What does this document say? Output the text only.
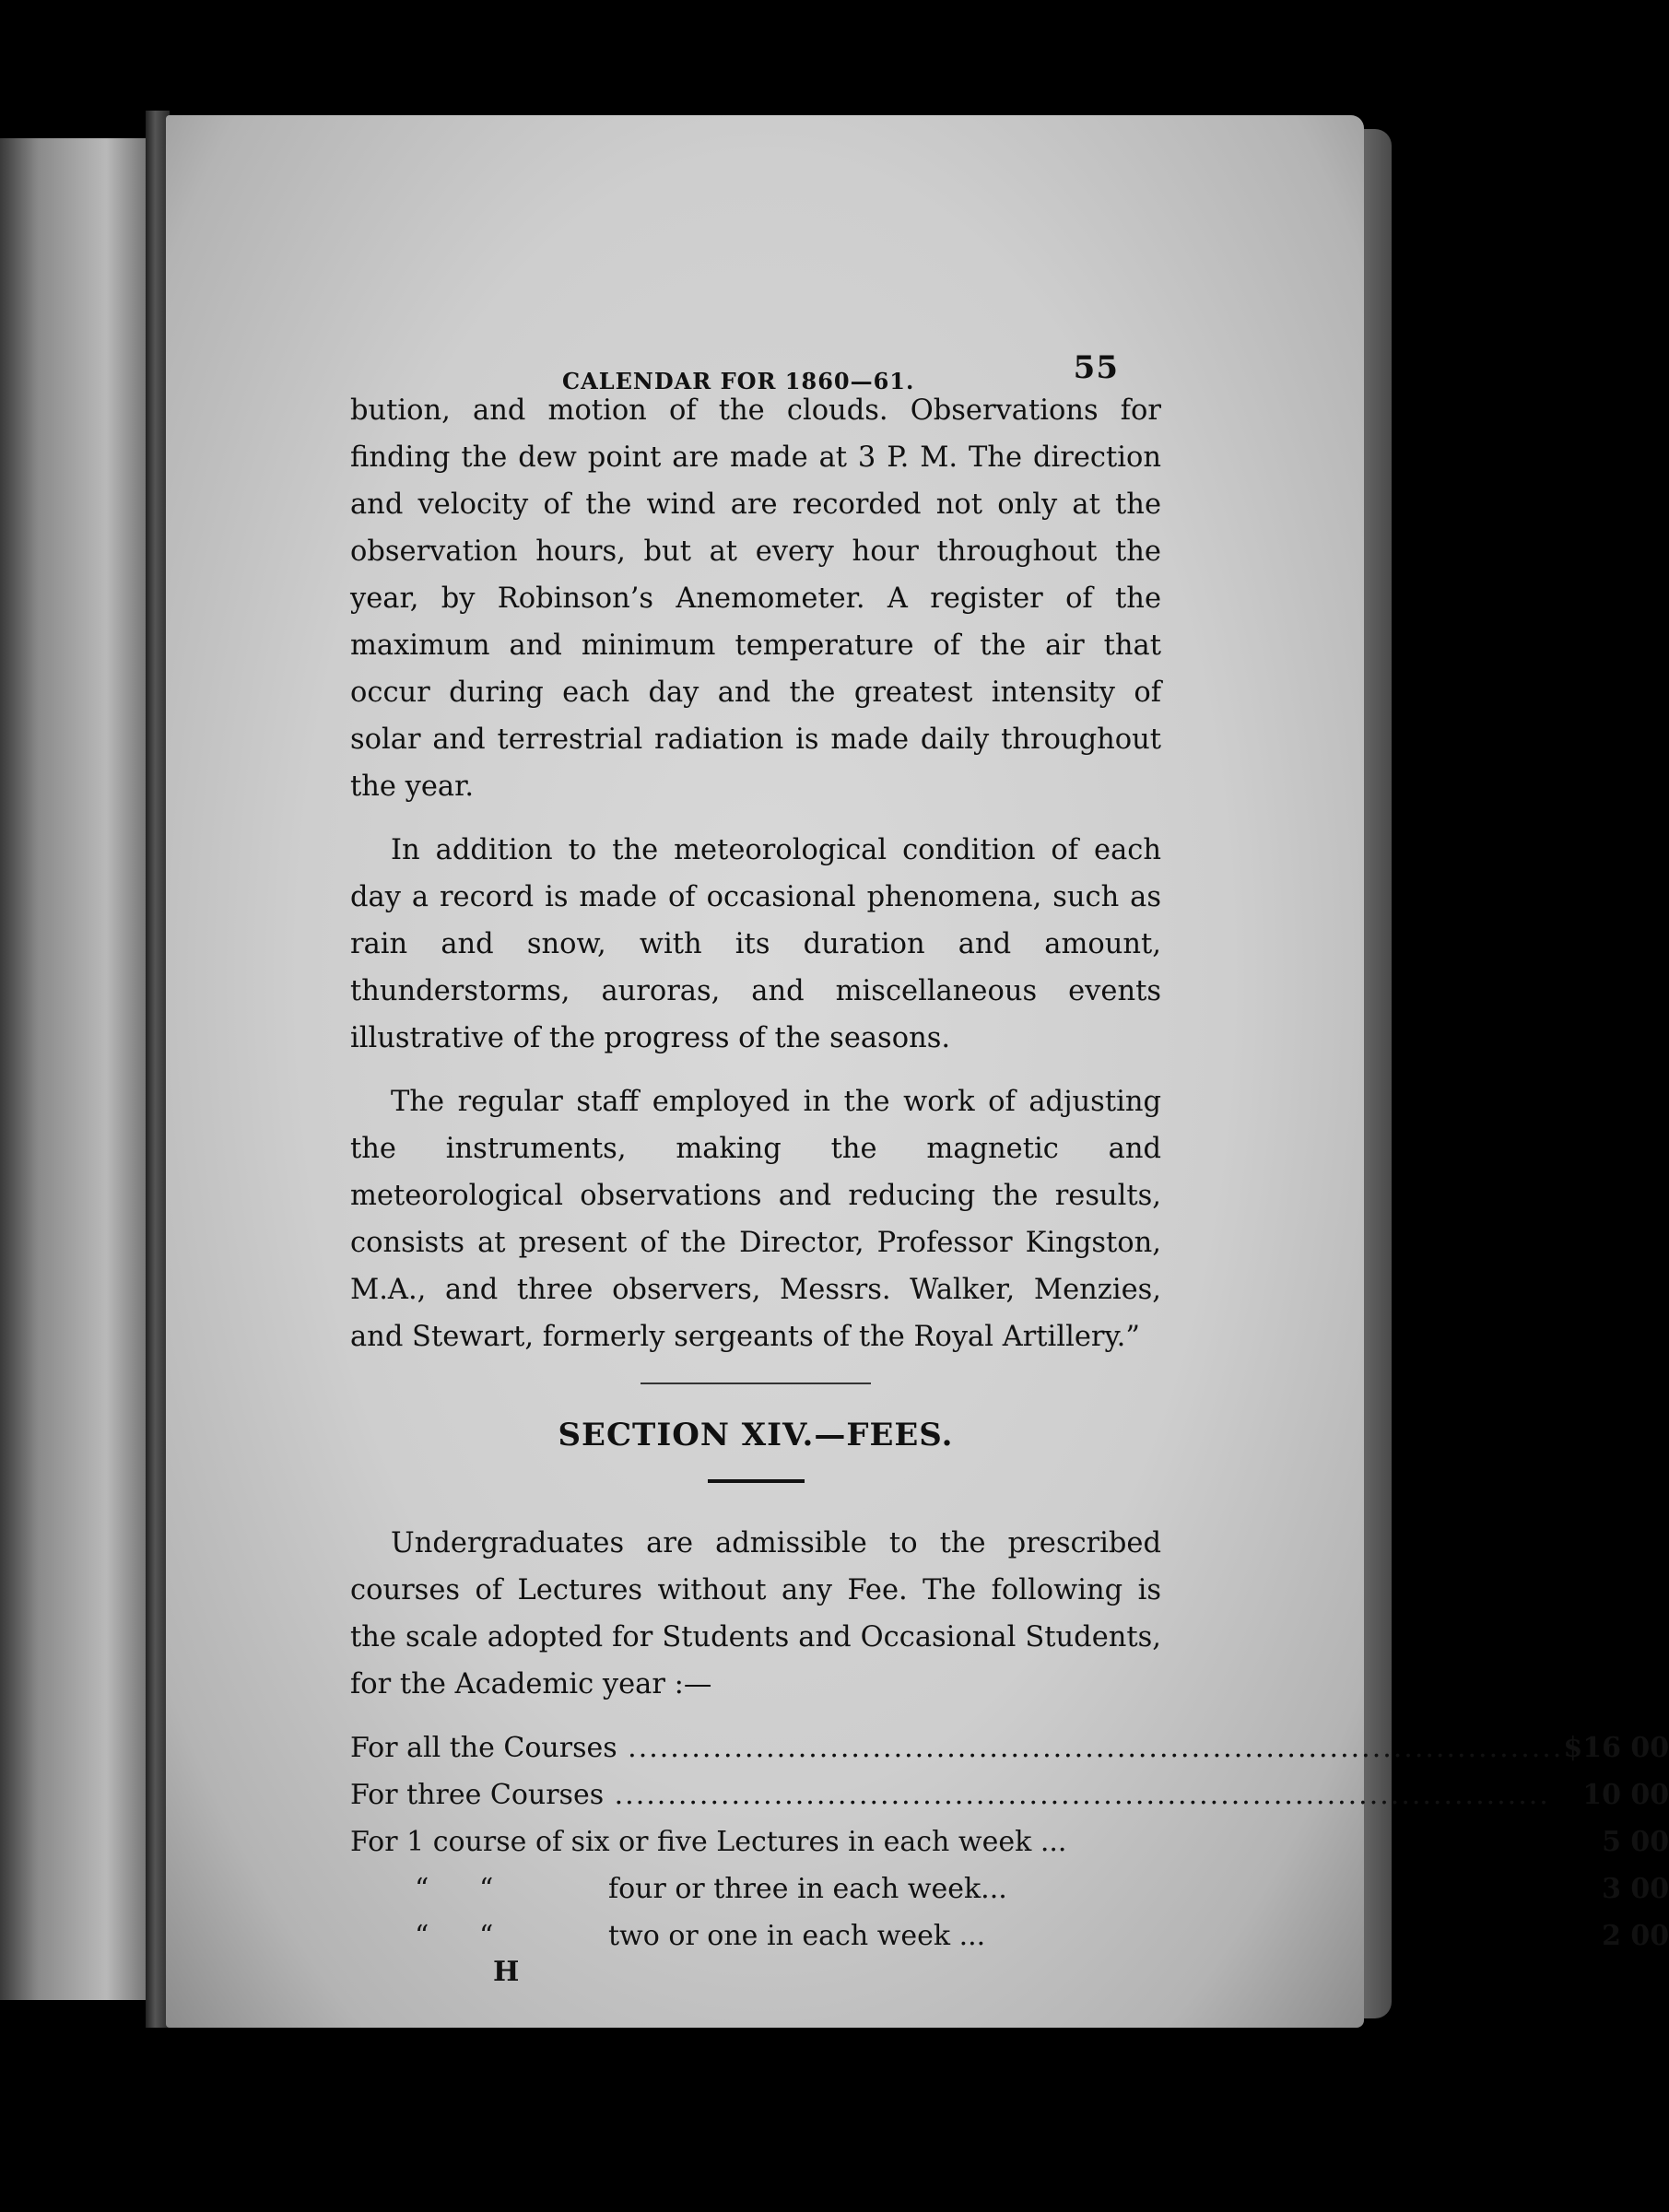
CALENDAR FOR 1860—61.	55

bution, and motion of the clouds. Observations for finding the dew point are made at 3 P. M. The direction and velocity of the wind are recorded not only at the observation hours, but at every hour throughout the year, by Robinson’s Anemometer. A register of the maximum and minimum temperature of the air that occur during each day and the greatest intensity of solar and terrestrial radiation is made daily throughout the year.

In addition to the meteorological condition of each day a record is made of occasional phenomena, such as rain and snow, with its duration and amount, thunderstorms, auroras, and miscellaneous events illustrative of the progress of the seasons.

The regular staff employed in the work of adjusting the instruments, making the magnetic and meteorological observations and reducing the results, consists at present of the Director, Professor Kingston, M.A., and three observers, Messrs. Walker, Menzies, and Stewart, formerly sergeants of the Royal Artillery.”

SECTION XIV.—FEES.

Undergraduates are admissible to the prescribed courses of Lectures without any Fee. The following is the scale adopted for Students and Occasional Students, for the Academic year :—

For all the Courses .....	$16 00
For three Courses .....	10 00
For 1 course of six or five Lectures in each week ...	5 00
“ “ four or three in each week...	3 00
“ “ two or one in each week ...	2 00
H
